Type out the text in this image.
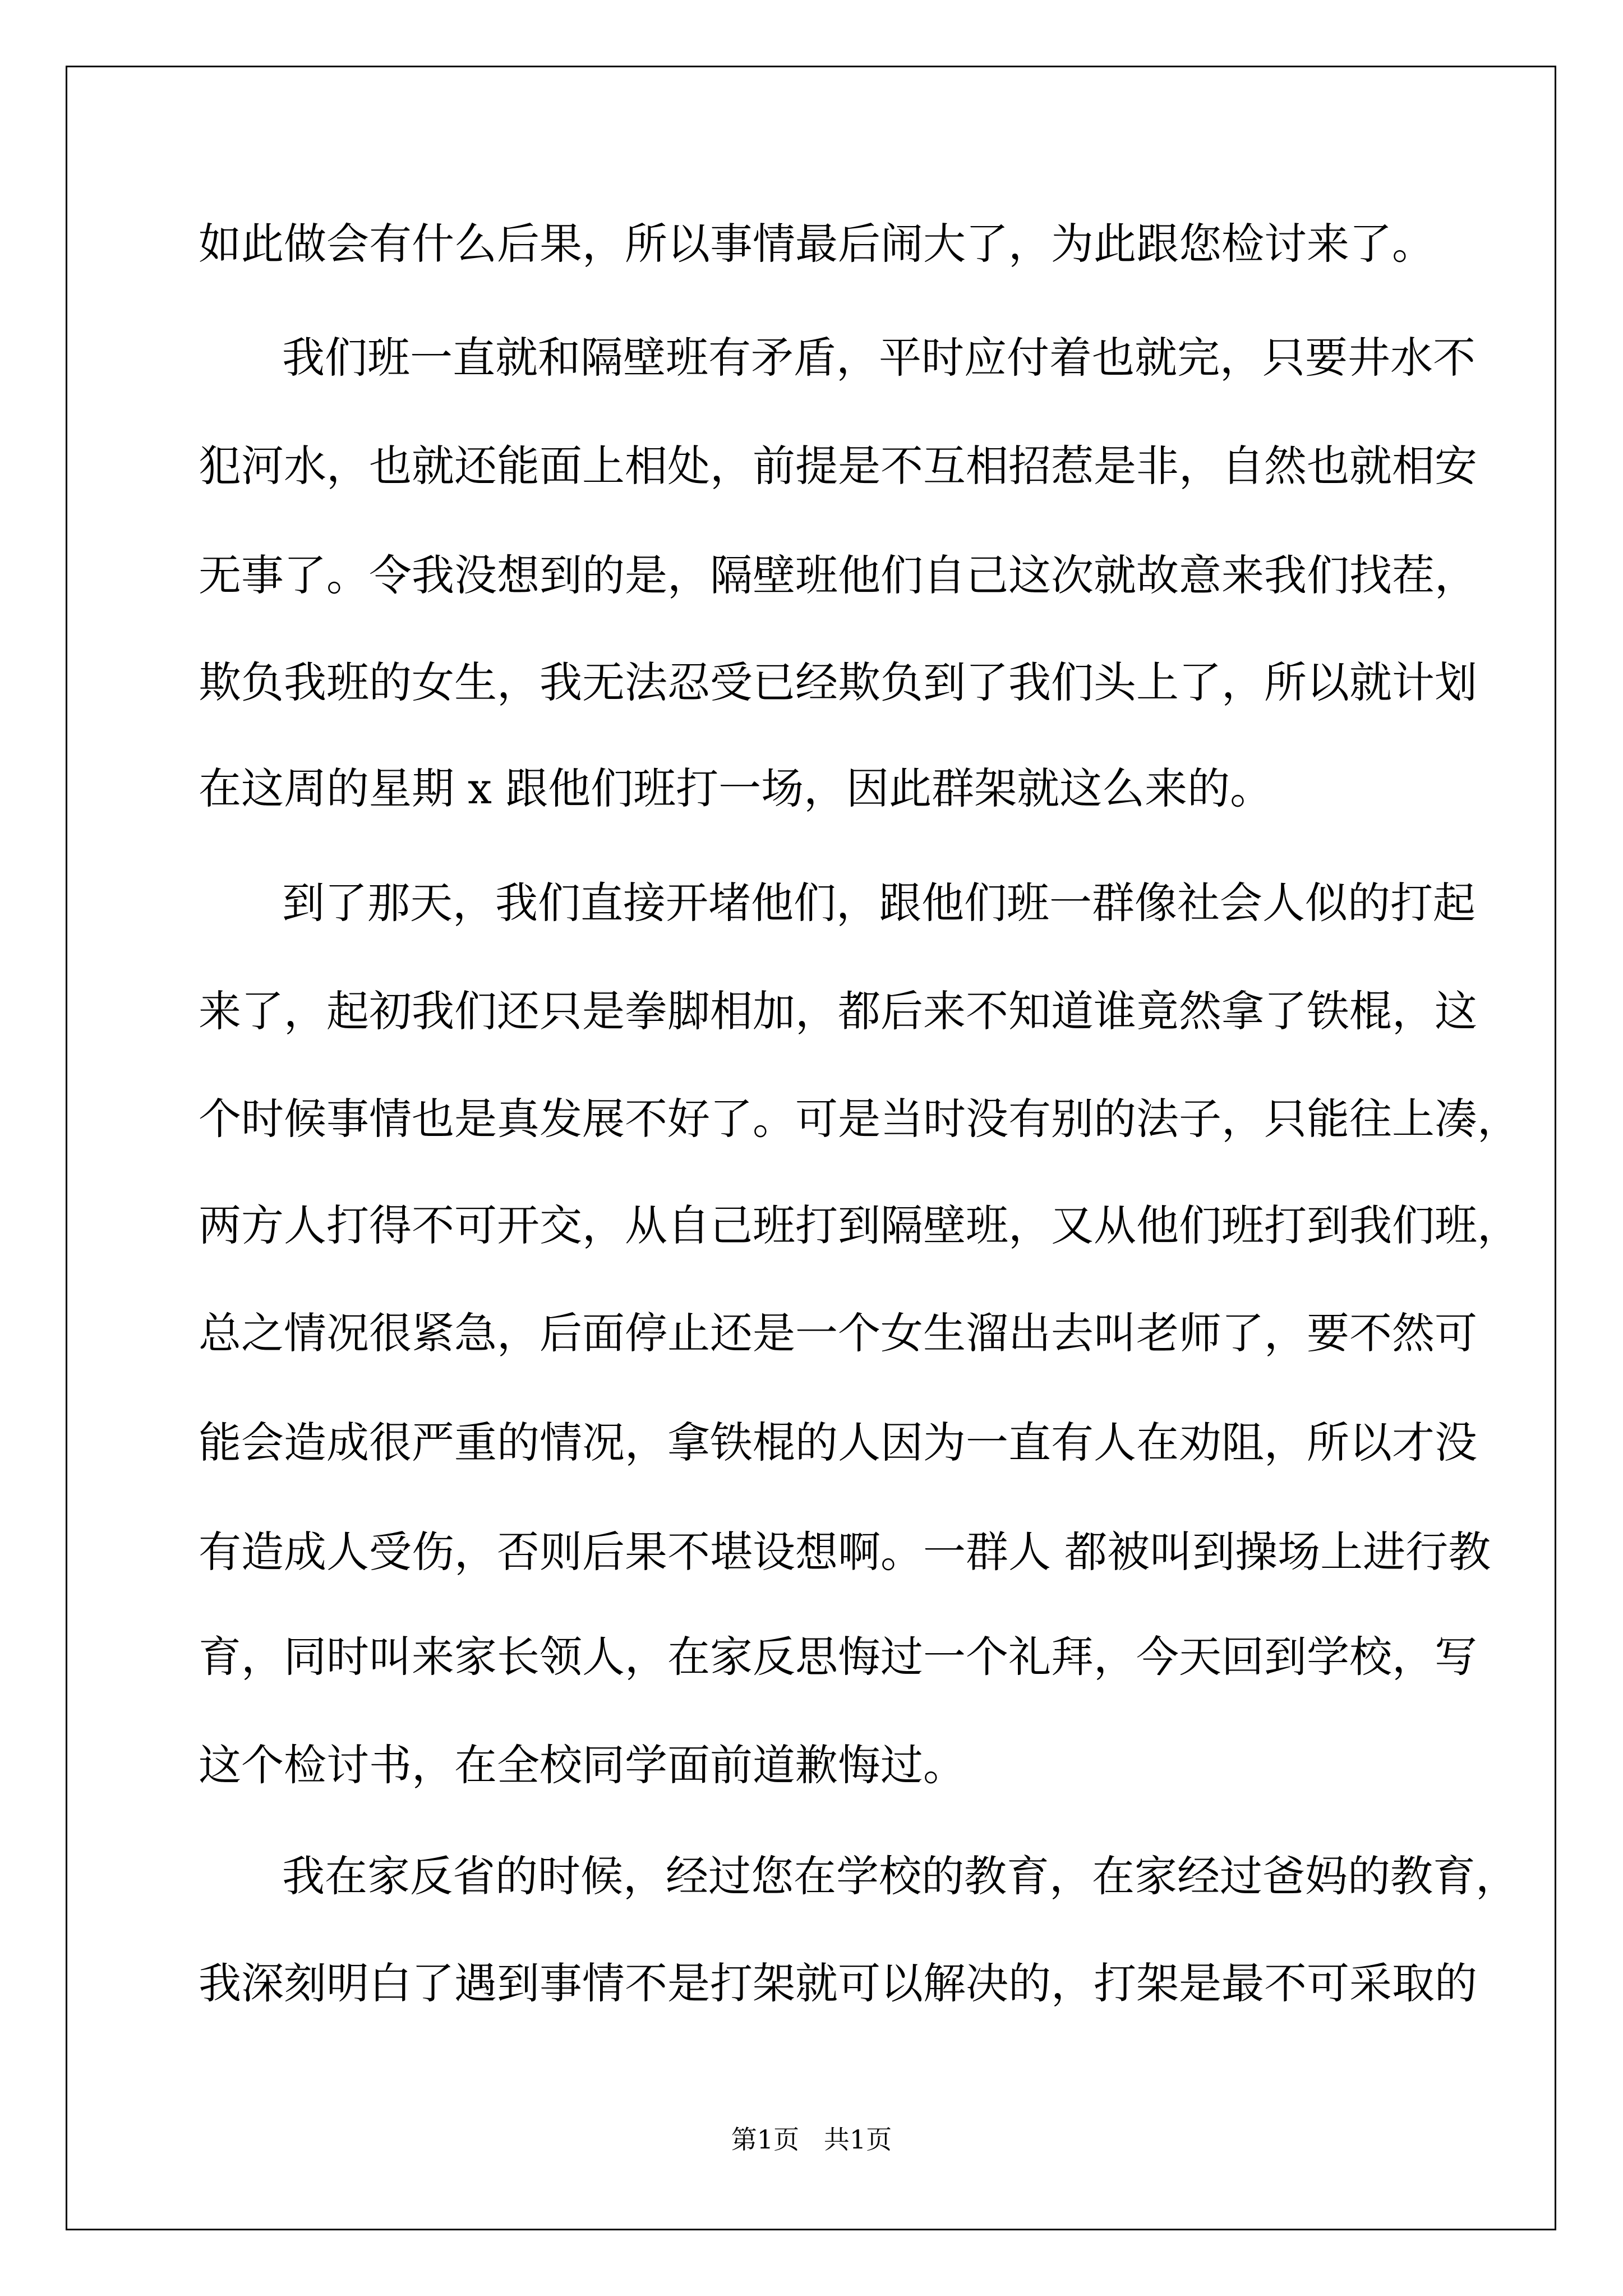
如此做会有什么后果，所以事情最后闹大了，为此跟您检讨来了。

我们班一直就和隔壁班有矛盾，平时应付着也就完，只要井水不

犯河水，也就还能面上相处，前提是不互相招惹是非，自然也就相安

无事了。令我没想到的是，隔壁班他们自己这次就故意来我们找茬，

欺负我班的女生，我无法忍受已经欺负到了我们头上了，所以就计划

在这周的星期 x 跟他们班打一场，因此群架就这么来的。

到了那天，我们直接开堵他们，跟他们班一群像社会人似的打起

来了，起初我们还只是拳脚相加，都后来不知道谁竟然拿了铁棍，这

个时候事情也是真发展不好了。可是当时没有别的法子，只能往上凑，

两方人打得不可开交，从自己班打到隔壁班，又从他们班打到我们班，

总之情况很紧急，后面停止还是一个女生溜出去叫老师了，要不然可

能会造成很严重的情况，拿铁棍的人因为一直有人在劝阻，所以才没

有造成人受伤，否则后果不堪设想啊。一群人 都被叫到操场上进行教

育，同时叫来家长领人，在家反思悔过一个礼拜，今天回到学校，写

这个检讨书，在全校同学面前道歉悔过。

我在家反省的时候，经过您在学校的教育，在家经过爸妈的教育，

我深刻明白了遇到事情不是打架就可以解决的，打架是最不可采取的

第1页   共1页
